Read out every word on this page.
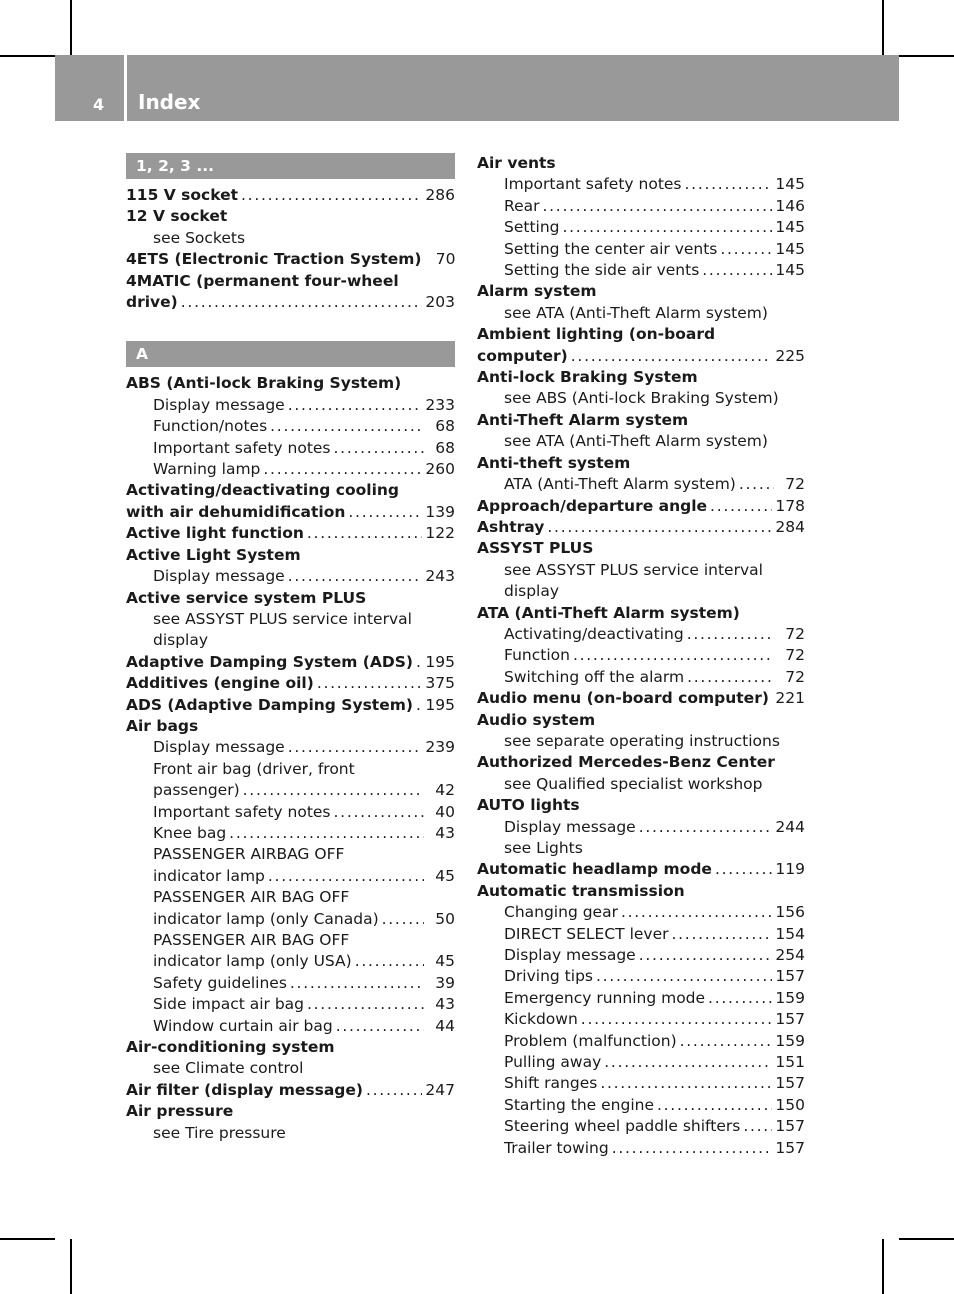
4 Index
1, 2, 3 ...
115 V socket . . .	286
12 V socket
see Sockets
4ETS (Electronic Traction System) 70
4MATIC (permanent four-wheel
drive) . . .	203
A
ABS (Anti-lock Braking System)
Display message . . .	233
Function/notes . . .	68
Important safety notes . . .	68
Warning lamp . . .	260
Activating/deactivating cooling
with air dehumidification . . .	139
Active light function . . .	122
Active Light System
Display message . . .	243
Active service system PLUS
see ASSYST PLUS service interval
display
Adaptive Damping System (ADS) . . . 195
Additives (engine oil) . . .	375
ADS (Adaptive Damping System) . . . 195
Air bags
Display message . . .	239
Front air bag (driver, front
passenger) . . .	42
Important safety notes . . .	40
Knee bag . . .	43
PASSENGER AIRBAG OFF
indicator lamp . . .	45
PASSENGER AIR BAG OFF
indicator lamp (only Canada) . . .	50
PASSENGER AIR BAG OFF
indicator lamp (only USA) . . .	45
Safety guidelines . . .	39
Side impact air bag . . .	43
Window curtain air bag . . .	44
Air-conditioning system
see Climate control
Air filter (display message) . . .	247
Air pressure
see Tire pressure
Air vents
Important safety notes . . .	145
Rear . . .	146
Setting . . .	145
Setting the center air vents . . .	145
Setting the side air vents . . .	145
Alarm system
see ATA (Anti-Theft Alarm system)
Ambient lighting (on-board
computer) . . .	225
Anti-lock Braking System
see ABS (Anti-lock Braking System)
Anti-Theft Alarm system
see ATA (Anti-Theft Alarm system)
Anti-theft system
ATA (Anti-Theft Alarm system) . . .	72
Approach/departure angle . . .	178
Ashtray . . .	284
ASSYST PLUS
see ASSYST PLUS service interval
display
ATA (Anti-Theft Alarm system)
Activating/deactivating . . .	72
Function . . .	72
Switching off the alarm . . .	72
Audio menu (on-board computer) . . . 221
Audio system
see separate operating instructions
Authorized Mercedes-Benz Center
see Qualified specialist workshop
AUTO lights
Display message . . .	244
see Lights
Automatic headlamp mode . . .	119
Automatic transmission
Changing gear . . .	156
DIRECT SELECT lever . . .	154
Display message . . .	254
Driving tips . . .	157
Emergency running mode . . .	159
Kickdown . . .	157
Problem (malfunction) . . .	159
Pulling away . . .	151
Shift ranges . . .	157
Starting the engine . . .	150
Steering wheel paddle shifters . . . 157
Trailer towing . . .	157
